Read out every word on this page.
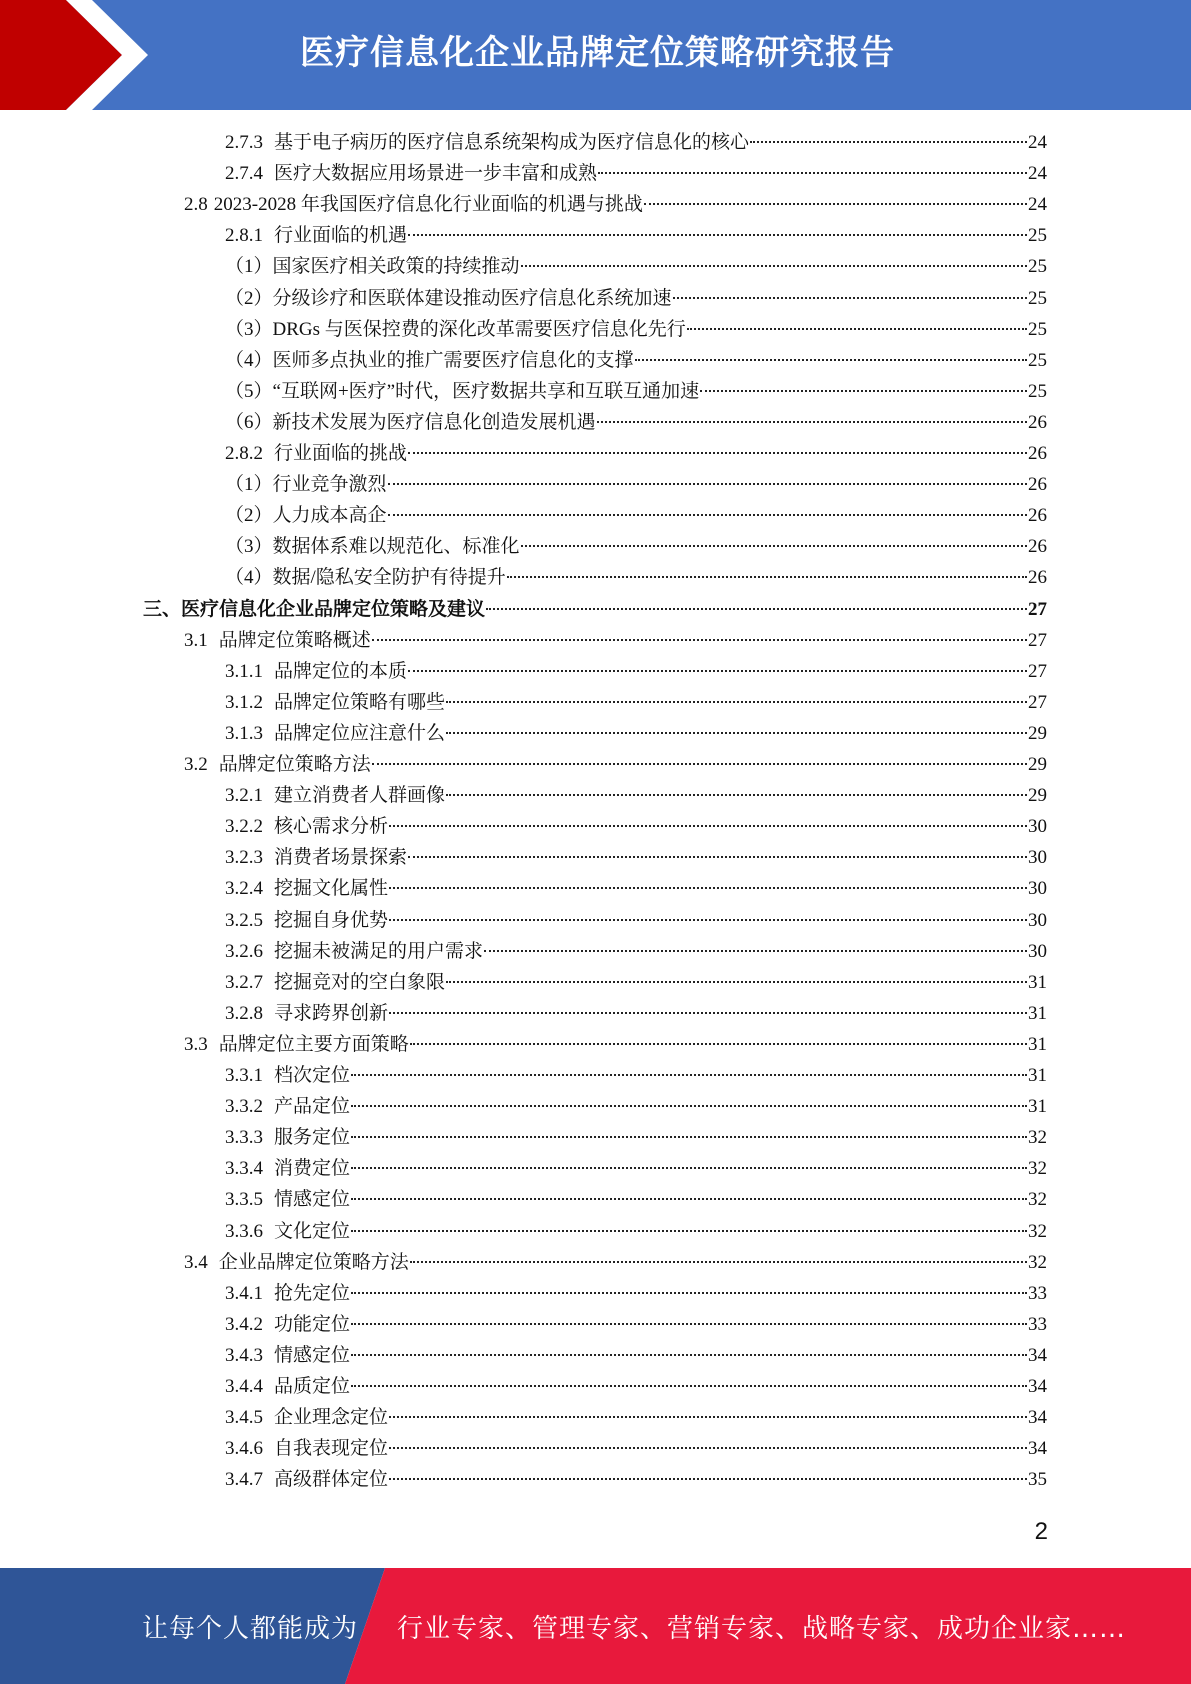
医疗信息化企业品牌定位策略研究报告
2.7.3 基于电子病历的医疗信息系统架构成为医疗信息化的核心	24
2.7.4 医疗大数据应用场景进一步丰富和成熟	24
2.8 2023-2028 年我国医疗信息化行业面临的机遇与挑战	24
2.8.1 行业面临的机遇	25
（1） 国家医疗相关政策的持续推动	25
（2） 分级诊疗和医联体建设推动医疗信息化系统加速	25
（3） DRGs 与医保控费的深化改革需要医疗信息化先行	25
（4） 医师多点执业的推广需要医疗信息化的支撑	25
（5） “互联网+医疗”时代，医疗数据共享和互联互通加速	25
（6） 新技术发展为医疗信息化创造发展机遇	26
2.8.2 行业面临的挑战	26
（1） 行业竞争激烈	26
（2） 人力成本高企	26
（3） 数据体系难以规范化、标准化	26
（4） 数据/隐私安全防护有待提升	26
三、 医疗信息化企业品牌定位策略及建议	27
3.1 品牌定位策略概述	27
3.1.1 品牌定位的本质	27
3.1.2 品牌定位策略有哪些	27
3.1.3 品牌定位应注意什么	29
3.2 品牌定位策略方法	29
3.2.1 建立消费者人群画像	29
3.2.2 核心需求分析	30
3.2.3 消费者场景探索	30
3.2.4 挖掘文化属性	30
3.2.5 挖掘自身优势	30
3.2.6 挖掘未被满足的用户需求	30
3.2.7 挖掘竞对的空白象限	31
3.2.8 寻求跨界创新	31
3.3 品牌定位主要方面策略	31
3.3.1 档次定位	31
3.3.2 产品定位	31
3.3.3 服务定位	32
3.3.4 消费定位	32
3.3.5 情感定位	32
3.3.6 文化定位	32
3.4 企业品牌定位策略方法	32
3.4.1 抢先定位	33
3.4.2 功能定位	33
3.4.3 情感定位	34
3.4.4 品质定位	34
3.4.5 企业理念定位	34
3.4.6 自我表现定位	34
3.4.7 高级群体定位	35
2
让每个人都能成为 行业专家、管理专家、营销专家、战略专家、成功企业家……
